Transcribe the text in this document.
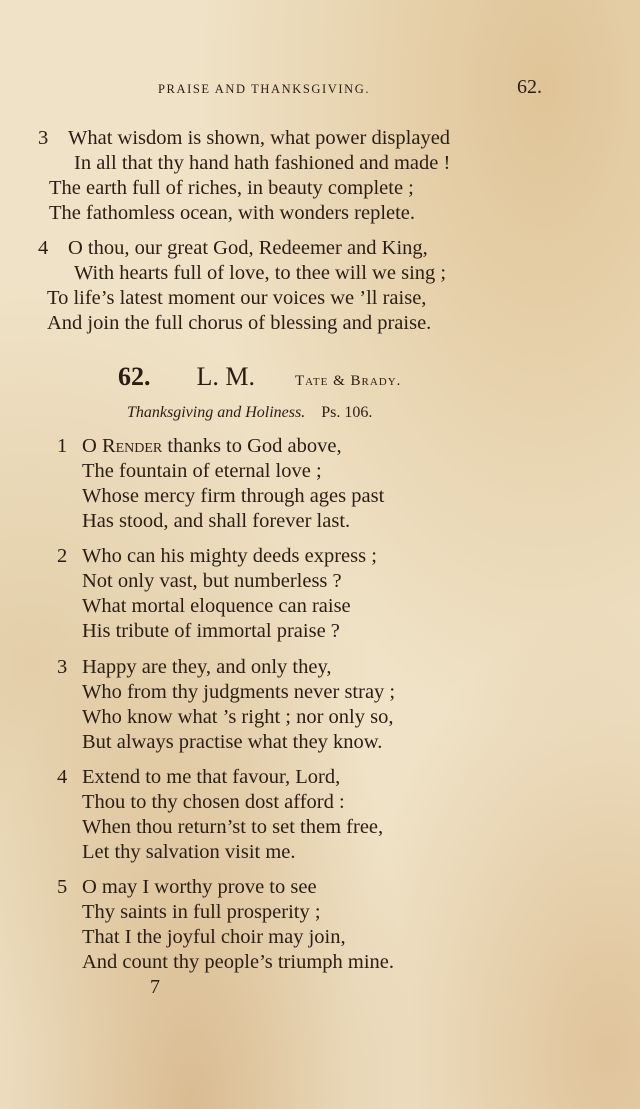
PRAISE AND THANKSGIVING.	62.
3 What wisdom is shown, what power displayed
In all that thy hand hath fashioned and made !
The earth full of riches, in beauty complete ;
The fathomless ocean, with wonders replete.
4 O thou, our great God, Redeemer and King,
With hearts full of love, to thee will we sing ;
To life’s latest moment our voices we ’ll raise,
And join the full chorus of blessing and praise.
62. L. M.	Tate & Brady.
Thanksgiving and Holiness. Ps. 106.
1 O Render thanks to God above,
The fountain of eternal love ;
Whose mercy firm through ages past
Has stood, and shall forever last.
2 Who can his mighty deeds express ;
Not only vast, but numberless ?
What mortal eloquence can raise
His tribute of immortal praise ?
3 Happy are they, and only they,
Who from thy judgments never stray ;
Who know what ’s right ; nor only so,
But always practise what they know.
4 Extend to me that favour, Lord,
Thou to thy chosen dost afford :
When thou return’st to set them free,
Let thy salvation visit me.
5 O may I worthy prove to see
Thy saints in full prosperity ;
That I the joyful choir may join,
And count thy people’s triumph mine.
7
